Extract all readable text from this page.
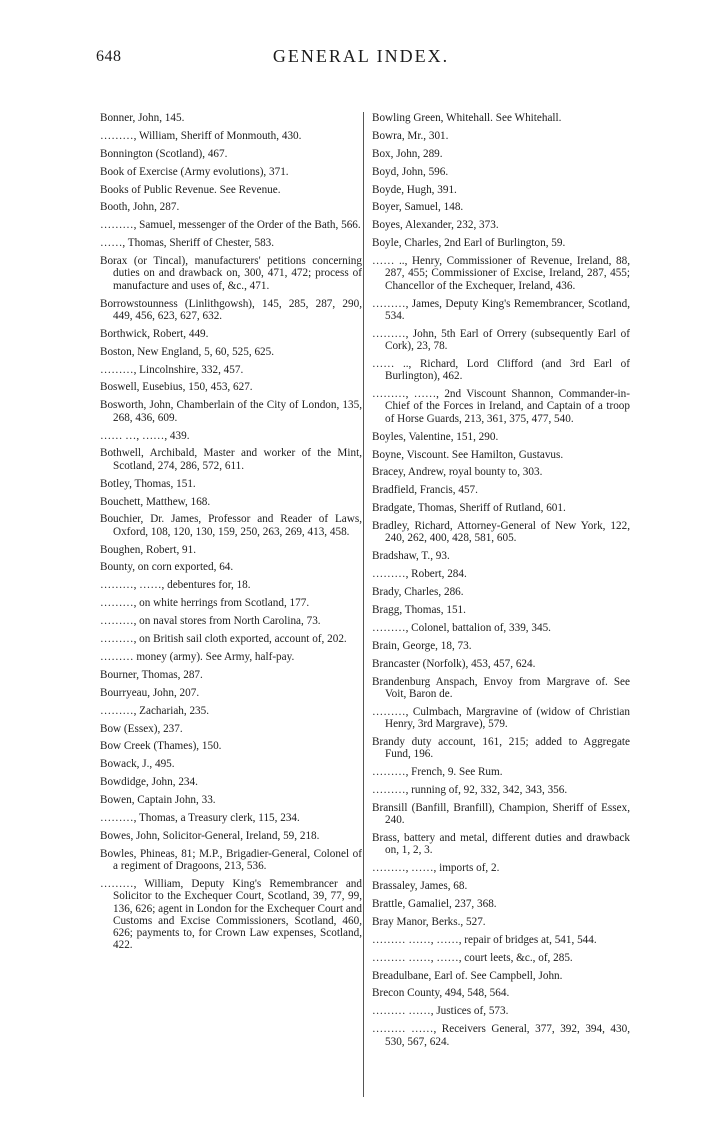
648	GENERAL INDEX.
Bonner, John, 145.
………, William, Sheriff of Monmouth, 430.
Bonnington (Scotland), 467.
Book of Exercise (Army evolutions), 371.
Books of Public Revenue. See Revenue.
Booth, John, 287.
………, Samuel, messenger of the Order of the Bath, 566.
……, Thomas, Sheriff of Chester, 583.
Borax (or Tincal), manufacturers' petitions concerning duties on and drawback on, 300, 471, 472; process of manufacture and uses of, &c., 471.
Borrowstounness (Linlithgowsh), 145, 285, 287, 290, 449, 456, 623, 627, 632.
Borthwick, Robert, 449.
Boston, New England, 5, 60, 525, 625.
………, Lincolnshire, 332, 457.
Boswell, Eusebius, 150, 453, 627.
Bosworth, John, Chamberlain of the City of London, 135, 268, 436, 609.
…… …, ……, 439.
Bothwell, Archibald, Master and worker of the Mint, Scotland, 274, 286, 572, 611.
Botley, Thomas, 151.
Bouchett, Matthew, 168.
Bouchier, Dr. James, Professor and Reader of Laws, Oxford, 108, 120, 130, 159, 250, 263, 269, 413, 458.
Boughen, Robert, 91.
Bounty, on corn exported, 64.
………, ……, debentures for, 18.
………, on white herrings from Scotland, 177.
………, on naval stores from North Carolina, 73.
………, on British sail cloth exported, account of, 202.
……… money (army). See Army, half-pay.
Bourner, Thomas, 287.
Bourryeau, John, 207.
………, Zachariah, 235.
Bow (Essex), 237.
Bow Creek (Thames), 150.
Bowack, J., 495.
Bowdidge, John, 234.
Bowen, Captain John, 33.
………, Thomas, a Treasury clerk, 115, 234.
Bowes, John, Solicitor-General, Ireland, 59, 218.
Bowles, Phineas, 81; M.P., Brigadier-General, Colonel of a regiment of Dragoons, 213, 536.
………, William, Deputy King's Remembrancer and Solicitor to the Exchequer Court, Scotland, 39, 77, 99, 136, 626; agent in London for the Exchequer Court and Customs and Excise Commissioners, Scotland, 460, 626; payments to, for Crown Law expenses, Scotland, 422.
Bowling Green, Whitehall. See Whitehall.
Bowra, Mr., 301.
Box, John, 289.
Boyd, John, 596.
Boyde, Hugh, 391.
Boyer, Samuel, 148.
Boyes, Alexander, 232, 373.
Boyle, Charles, 2nd Earl of Burlington, 59.
…… .., Henry, Commissioner of Revenue, Ireland, 88, 287, 455; Commissioner of Excise, Ireland, 287, 455; Chancellor of the Exchequer, Ireland, 436.
………, James, Deputy King's Remembrancer, Scotland, 534.
………, John, 5th Earl of Orrery (subsequently Earl of Cork), 23, 78.
…… .., Richard, Lord Clifford (and 3rd Earl of Burlington), 462.
………, ……, 2nd Viscount Shannon, Commander-in-Chief of the Forces in Ireland, and Captain of a troop of Horse Guards, 213, 361, 375, 477, 540.
Boyles, Valentine, 151, 290.
Boyne, Viscount. See Hamilton, Gustavus.
Bracey, Andrew, royal bounty to, 303.
Bradfield, Francis, 457.
Bradgate, Thomas, Sheriff of Rutland, 601.
Bradley, Richard, Attorney-General of New York, 122, 240, 262, 400, 428, 581, 605.
Bradshaw, T., 93.
………, Robert, 284.
Brady, Charles, 286.
Bragg, Thomas, 151.
………, Colonel, battalion of, 339, 345.
Brain, George, 18, 73.
Brancaster (Norfolk), 453, 457, 624.
Brandenburg Anspach, Envoy from Margrave of. See Voit, Baron de.
………, Culmbach, Margravine of (widow of Christian Henry, 3rd Margrave), 579.
Brandy duty account, 161, 215; added to Aggregate Fund, 196.
………, French, 9. See Rum.
………, running of, 92, 332, 342, 343, 356.
Bransill (Banfill, Branfill), Champion, Sheriff of Essex, 240.
Brass, battery and metal, different duties and drawback on, 1, 2, 3.
………, ……, imports of, 2.
Brassaley, James, 68.
Brattle, Gamaliel, 237, 368.
Bray Manor, Berks., 527.
……… ……, ……, repair of bridges at, 541, 544.
……… ……, ……, court leets, &c., of, 285.
Breadulbane, Earl of. See Campbell, John.
Brecon County, 494, 548, 564.
……… ……, Justices of, 573.
……… ……, Receivers General, 377, 392, 394, 430, 530, 567, 624.
